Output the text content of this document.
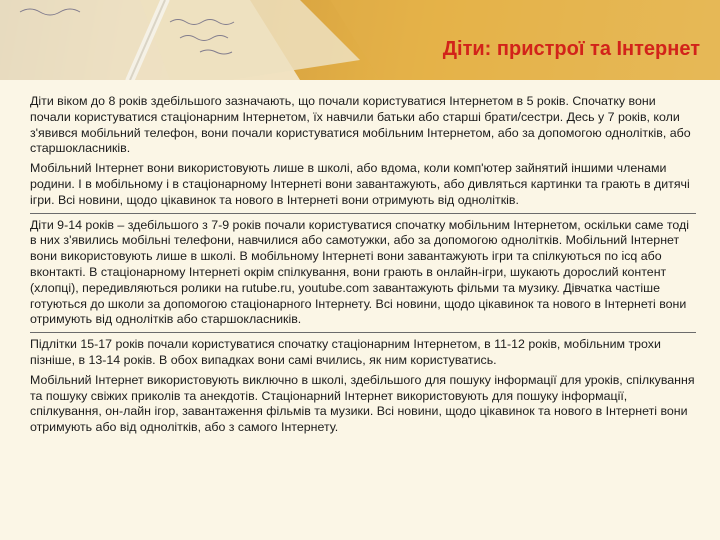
Діти: пристрої та Інтернет

Діти віком до 8 років здебільшого зазначають, що почали користуватися Інтернетом в 5 років. Спочатку вони почали користуватися стаціонарним Інтернетом, їх навчили батьки або старші брати/сестри. Десь у 7 років, коли з'явився мобільний телефон, вони почали користуватися мобільним Інтернетом, або за допомогою однолітків, або старшокласників.

Мобільний Інтернет вони використовують лише в школі, або вдома, коли комп'ютер зайнятий іншими членами родини. І в мобільному і в стаціонарному Інтернеті вони завантажують, або дивляться картинки та грають в дитячі ігри. Всі новини, щодо цікавинок та нового в Інтернеті вони отримують від однолітків.

Діти 9-14 років – здебільшого з 7-9 років почали користуватися спочатку мобільним Інтернетом, оскільки саме тоді в них з'явились мобільні телефони, навчилися або самотужки, або за допомогою однолітків. Мобільний Інтернет вони використовують лише в школі. В мобільному Інтернеті вони завантажують ігри та спілкуються по icq або вконтакті. В стаціонарному Інтернеті окрім спілкування, вони грають в онлайн-ігри, шукають дорослий контент (хлопці), передивляються ролики на rutube.ru, youtube.com завантажують фільми та музику. Дівчатка частіше готуються до школи за допомогою стаціонарного Інтернету. Всі новини, щодо цікавинок та нового в Інтернеті вони отримують від однолітків або старшокласників.

Підлітки 15-17 років почали користуватися спочатку стаціонарним Інтернетом, в 11-12 років, мобільним трохи пізніше, в 13-14 років. В обох випадках вони самі вчились, як ним користуватись.

Мобільний Інтернет використовують виключно в школі, здебільшого для пошуку інформації для уроків, спілкування та пошуку свіжих приколів та анекдотів. Стаціонарний Інтернет використовують для пошуку інформації, спілкування, он-лайн ігор, завантаження фільмів та музики. Всі новини, щодо цікавинок та нового в Інтернеті вони отримують або від однолітків, або з самого Інтернету.
